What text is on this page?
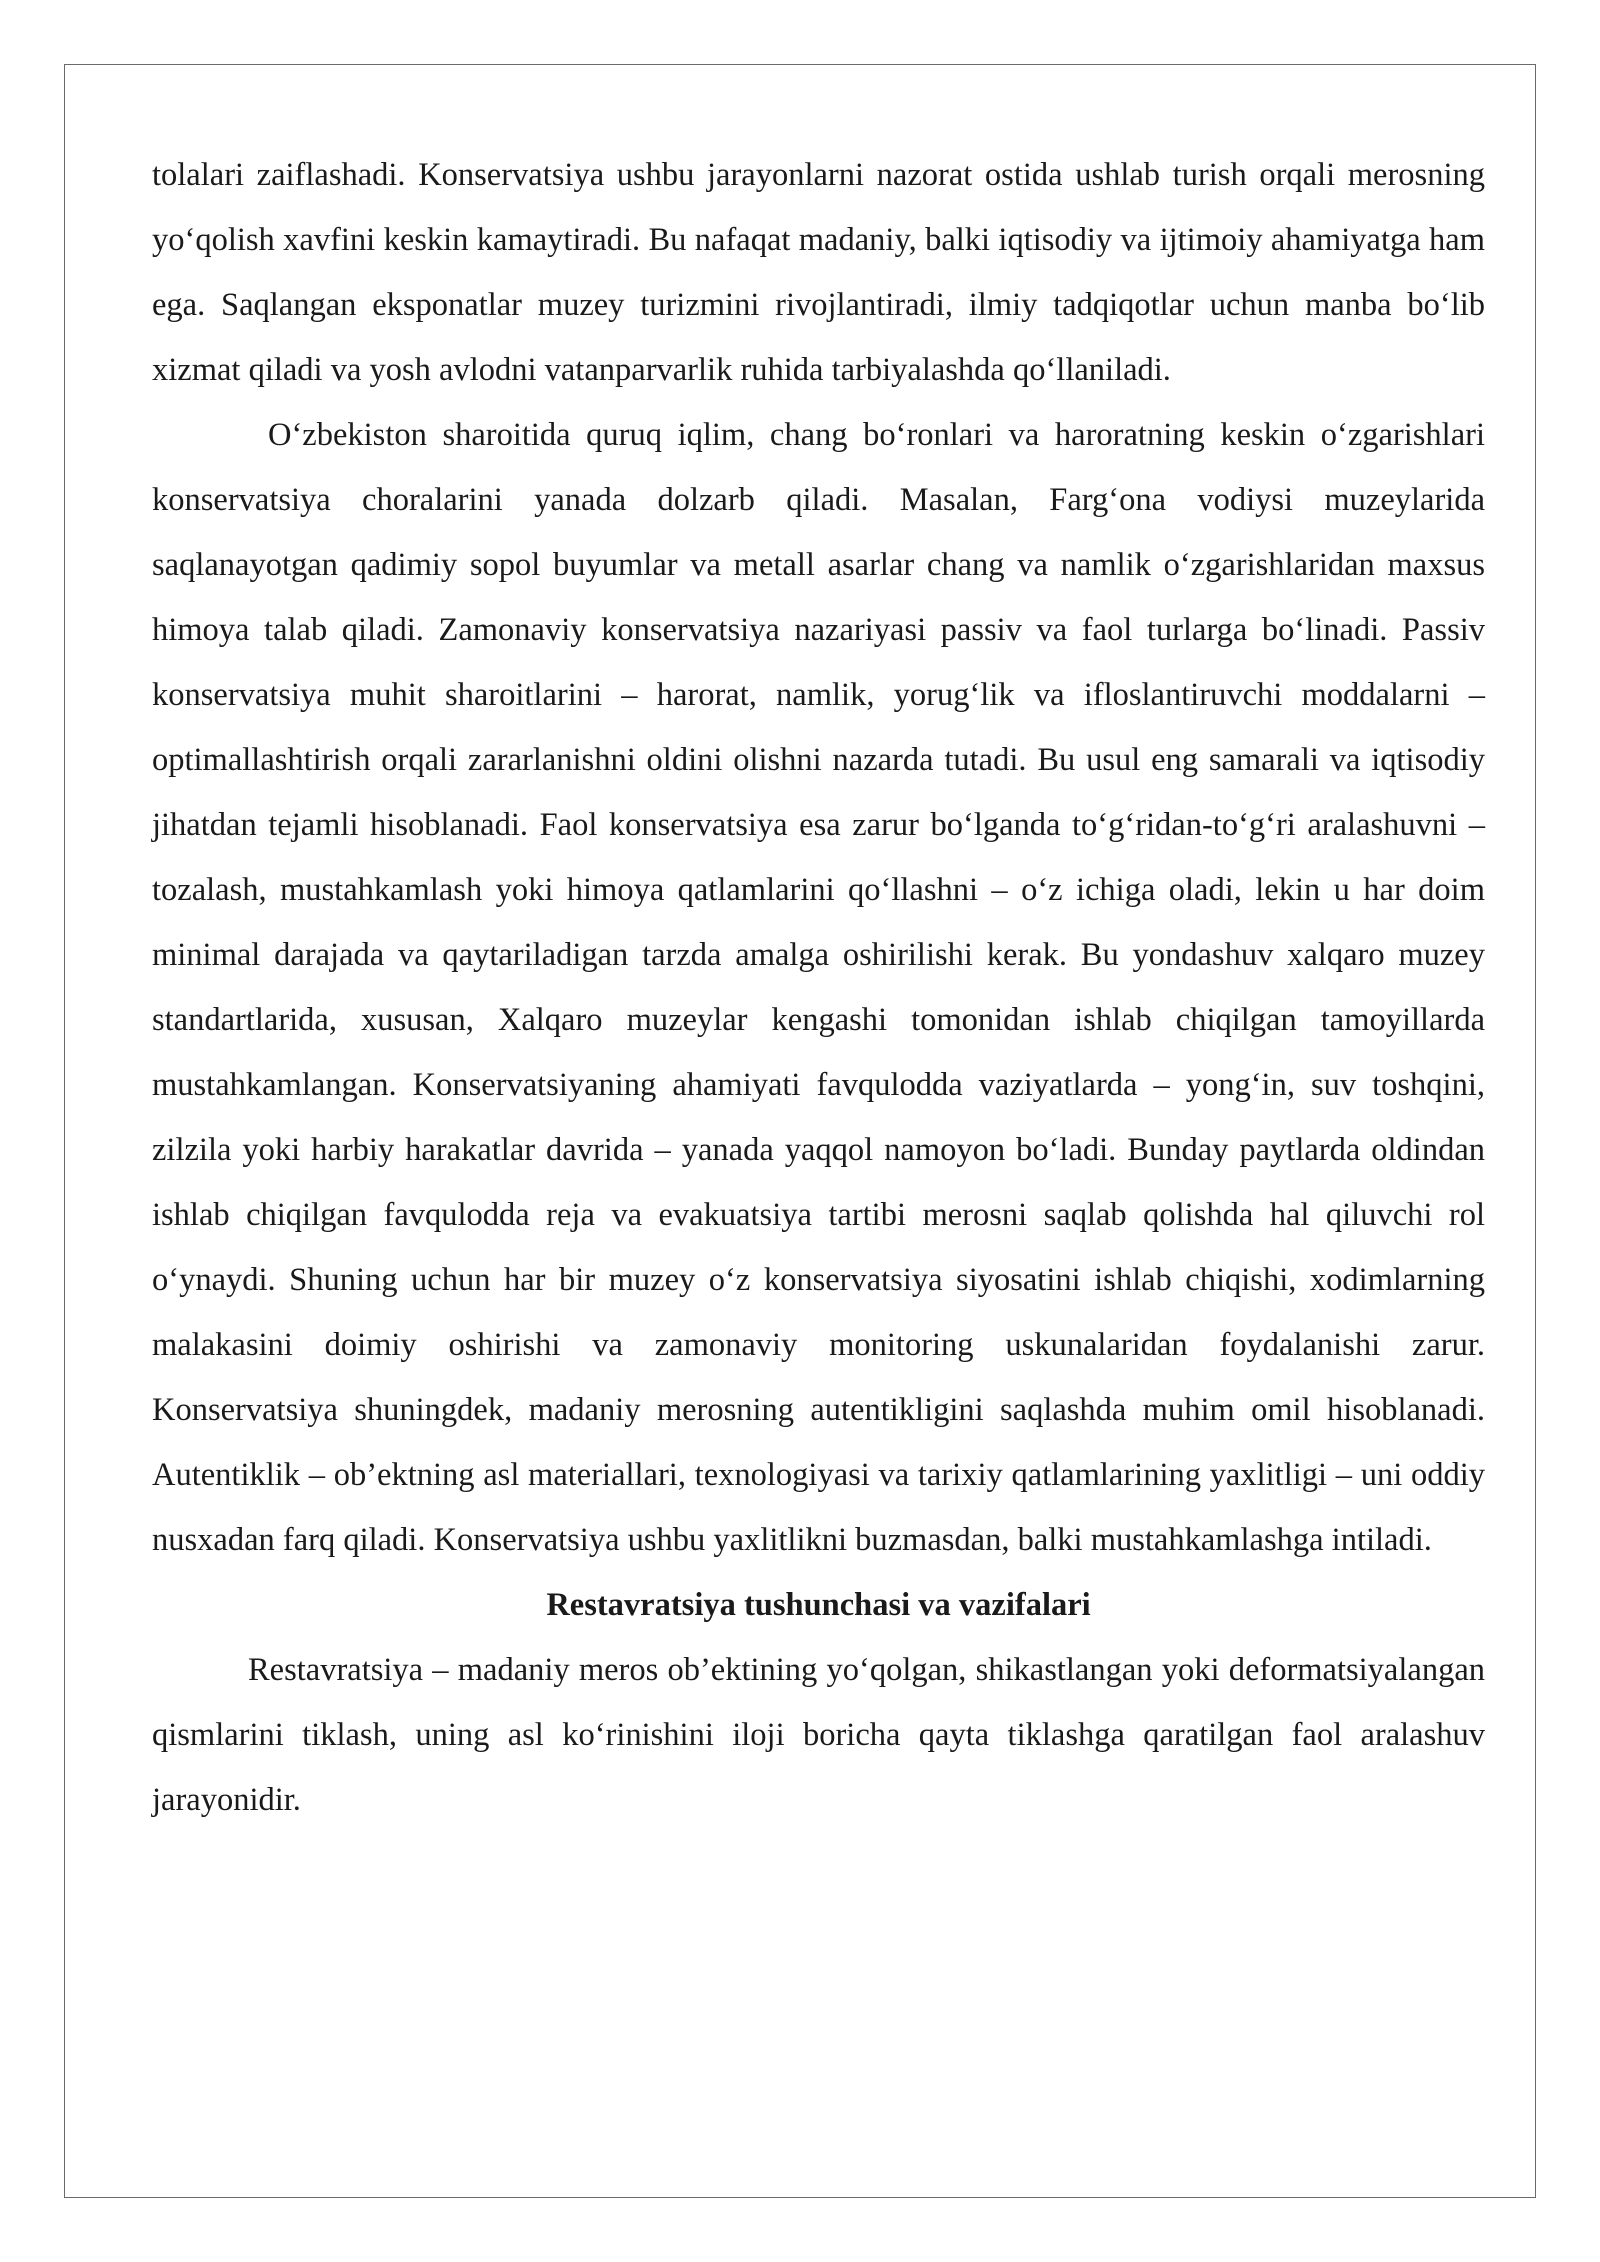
tolalari zaiflashadi. Konservatsiya ushbu jarayonlarni nazorat ostida ushlab turish orqali merosning yo‘qolish xavfini keskin kamaytiradi. Bu nafaqat madaniy, balki iqtisodiy va ijtimoiy ahamiyatga ham ega. Saqlangan eksponatlar muzey turizmini rivojlantiradi, ilmiy tadqiqotlar uchun manba bo‘lib xizmat qiladi va yosh avlodni vatanparvarlik ruhida tarbiyalashda qo‘llaniladi.

O‘zbekiston sharoitida quruq iqlim, chang bo‘ronlari va haroratning keskin o‘zgarishlari konservatsiya choralarini yanada dolzarb qiladi. Masalan, Farg‘ona vodiysi muzeylarida saqlanayotgan qadimiy sopol buyumlar va metall asarlar chang va namlik o‘zgarishlaridan maxsus himoya talab qiladi. Zamonaviy konservatsiya nazariyasi passiv va faol turlarga bo‘linadi. Passiv konservatsiya muhit sharoitlarini – harorat, namlik, yorug‘lik va ifloslantiruvchi moddalarni – optimallashtirish orqali zararlanishni oldini olishni nazarda tutadi. Bu usul eng samarali va iqtisodiy jihatdan tejamli hisoblanadi. Faol konservatsiya esa zarur bo‘lganda to‘g‘ridan-to‘g‘ri aralashuvni – tozalash, mustahkamlash yoki himoya qatlamlarini qo‘llashni – o‘z ichiga oladi, lekin u har doim minimal darajada va qaytariladigan tarzda amalga oshirilishi kerak. Bu yondashuv xalqaro muzey standartlarida, xususan, Xalqaro muzeylar kengashi tomonidan ishlab chiqilgan tamoyillarda mustahkamlangan. Konservatsiyaning ahamiyati favqulodda vaziyatlarda – yong‘in, suv toshqini, zilzila yoki harbiy harakatlar davrida – yanada yaqqol namoyon bo‘ladi. Bunday paytlarda oldindan ishlab chiqilgan favqulodda reja va evakuatsiya tartibi merosni saqlab qolishda hal qiluvchi rol o‘ynaydi. Shuning uchun har bir muzey o‘z konservatsiya siyosatini ishlab chiqishi, xodimlarning malakasini doimiy oshirishi va zamonaviy monitoring uskunalaridan foydalanishi zarur. Konservatsiya shuningdek, madaniy merosning autentikligini saqlashda muhim omil hisoblanadi. Autentiklik – ob’ektning asl materiallari, texnologiyasi va tarixiy qatlamlarining yaxlitligi – uni oddiy nusxadan farq qiladi. Konservatsiya ushbu yaxlitlikni buzmasdan, balki mustahkamlashga intiladi.

Restavratsiya tushunchasi va vazifalari

Restavratsiya – madaniy meros ob’ektining yo‘qolgan, shikastlangan yoki deformatsiyalangan qismlarini tiklash, uning asl ko‘rinishini iloji boricha qayta tiklashga qaratilgan faol aralashuv jarayonidir.
